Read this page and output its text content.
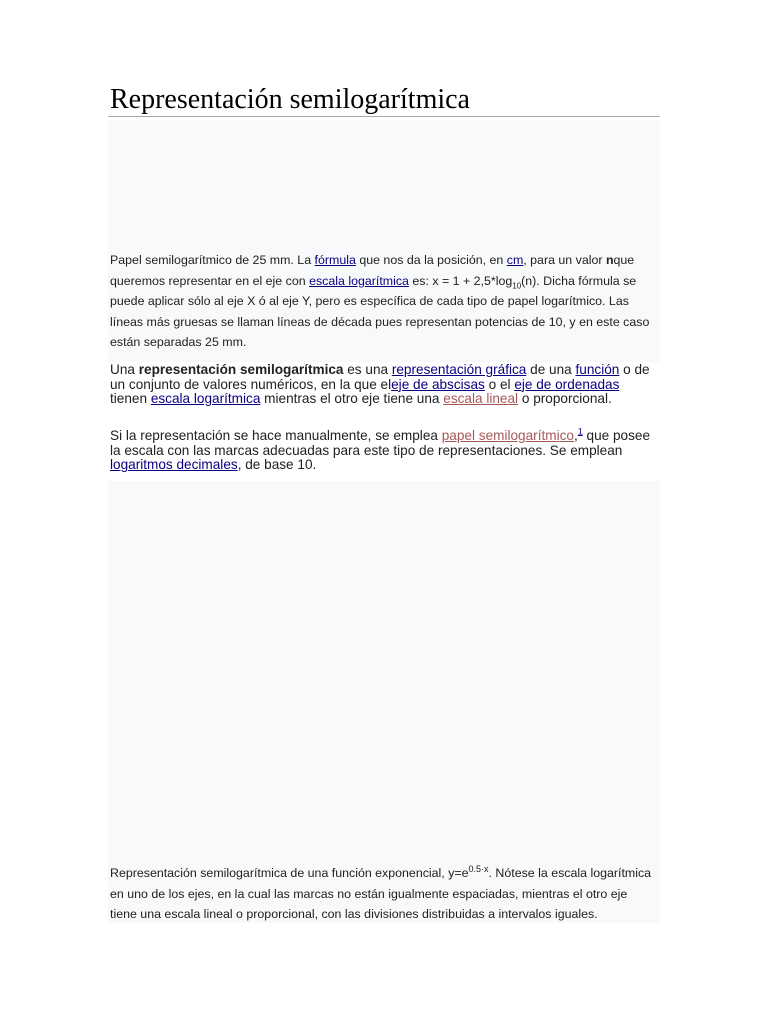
Representación semilogarítmica
Papel semilogarítmico de 25 mm. La fórmula que nos da la posición, en cm, para un valor nque queremos representar en el eje con escala logarítmica es: $x = 1 + 2,5*\log_{10}(n)$. Dicha fórmula se puede aplicar sólo al eje X ó al eje Y, pero es específica de cada tipo de papel logarítmico. Las líneas más gruesas se llaman líneas de década pues representan potencias de 10, y en este caso están separadas 25 mm.

Una representación semilogarítmica es una representación gráfica de una función o de un conjunto de valores numéricos, en la que eleje de abscisas o el eje de ordenadas tienen escala logarítmica mientras el otro eje tiene una escala lineal o proporcional.

Si la representación se hace manualmente, se emplea papel semilogarítmico,$^1$ que posee la escala con las marcas adecuadas para este tipo de representaciones. Se emplean logaritmos decimales, de base 10.

Representación semilogarítmica de una función exponencial, $y=e^{0.5\cdot x}$. Nótese la escala logarítmica en uno de los ejes, en la cual las marcas no están igualmente espaciadas, mientras el otro eje tiene una escala lineal o proporcional, con las divisiones distribuidas a intervalos iguales.
